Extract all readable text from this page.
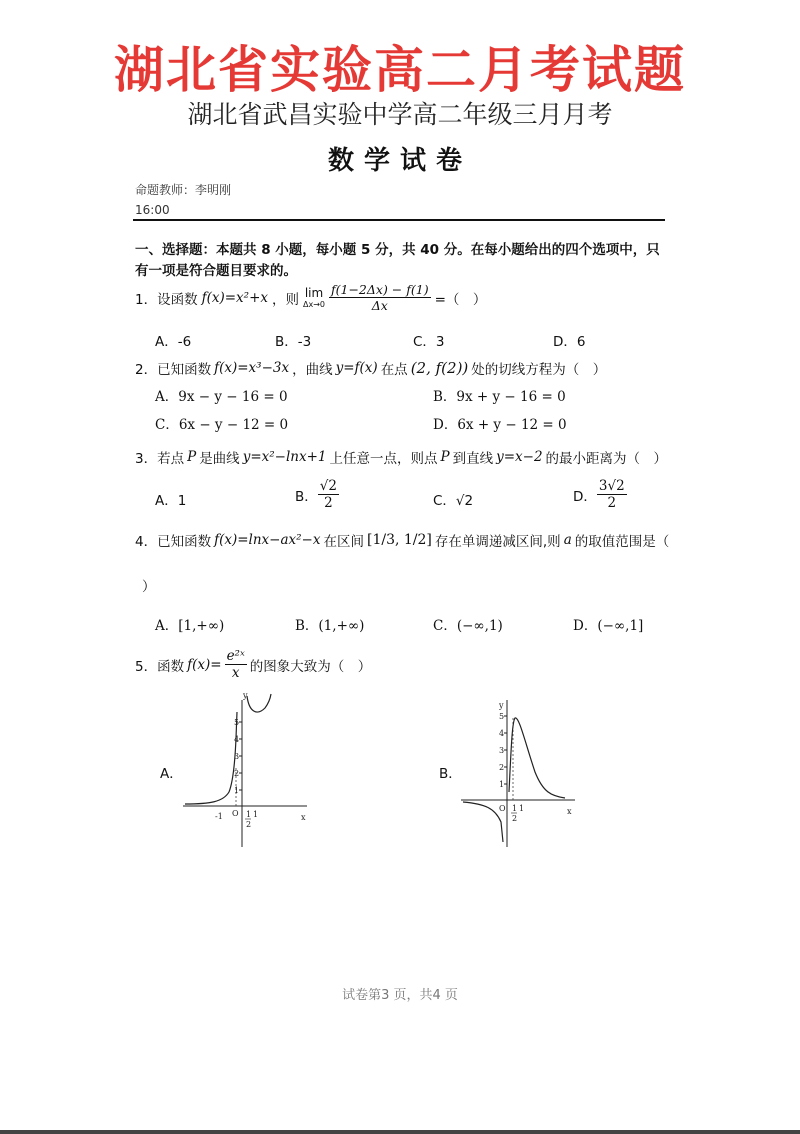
湖北省实验高二月考试题
湖北省武昌实验中学高二年级三月月考
数学试卷
命题教师：李明刚
16:00
一、选择题：本题共 8 小题，每小题 5 分，共 40 分。在每小题给出的四个选项中，只有一项是符合题目要求的。
1．设函数 f(x)=x²+x ，则 lim
$\Delta x\to 0 \frac{f(1-2\Delta x) - f(1)}{\Delta x}$ =（　）
A．-6	B．-3	C．3	D．6
2．已知函数 f(x)=x³−3x ，曲线 y=f(x) 在点 (2, f(2)) 处的切线方程为（　）
A．9x − y − 16 = 0	B．9x + y − 16 = 0
C．6x − y − 12 = 0	D．6x + y − 12 = 0
3．若点 P 是曲线 y=x²−lnx+1 上任意一点，则点 P 到直线 y=x−2 的最小距离为（　）
A．1	B． $\frac{√2}{2}$	C．√2	D． $\frac{3√2}{2}$
4．已知函数 f(x)=lnx−ax²−x 在区间 [1/3, 1/2] 存在单调递减区间,则 a 的取值范围是（
）
A．[1,+∞)	B．(1,+∞)	C．(−∞,1)	D．(−∞,1]
5．函数 $f(x)= \frac{\text{e²ˣ}}{x}$ 的图象大致为（　）
A．
y
x
O
-1	1
1
2
1
2
3
4
5
B．
y
x
O 1
1
2
1
2
3
4
5
试卷第3 页，共4 页
